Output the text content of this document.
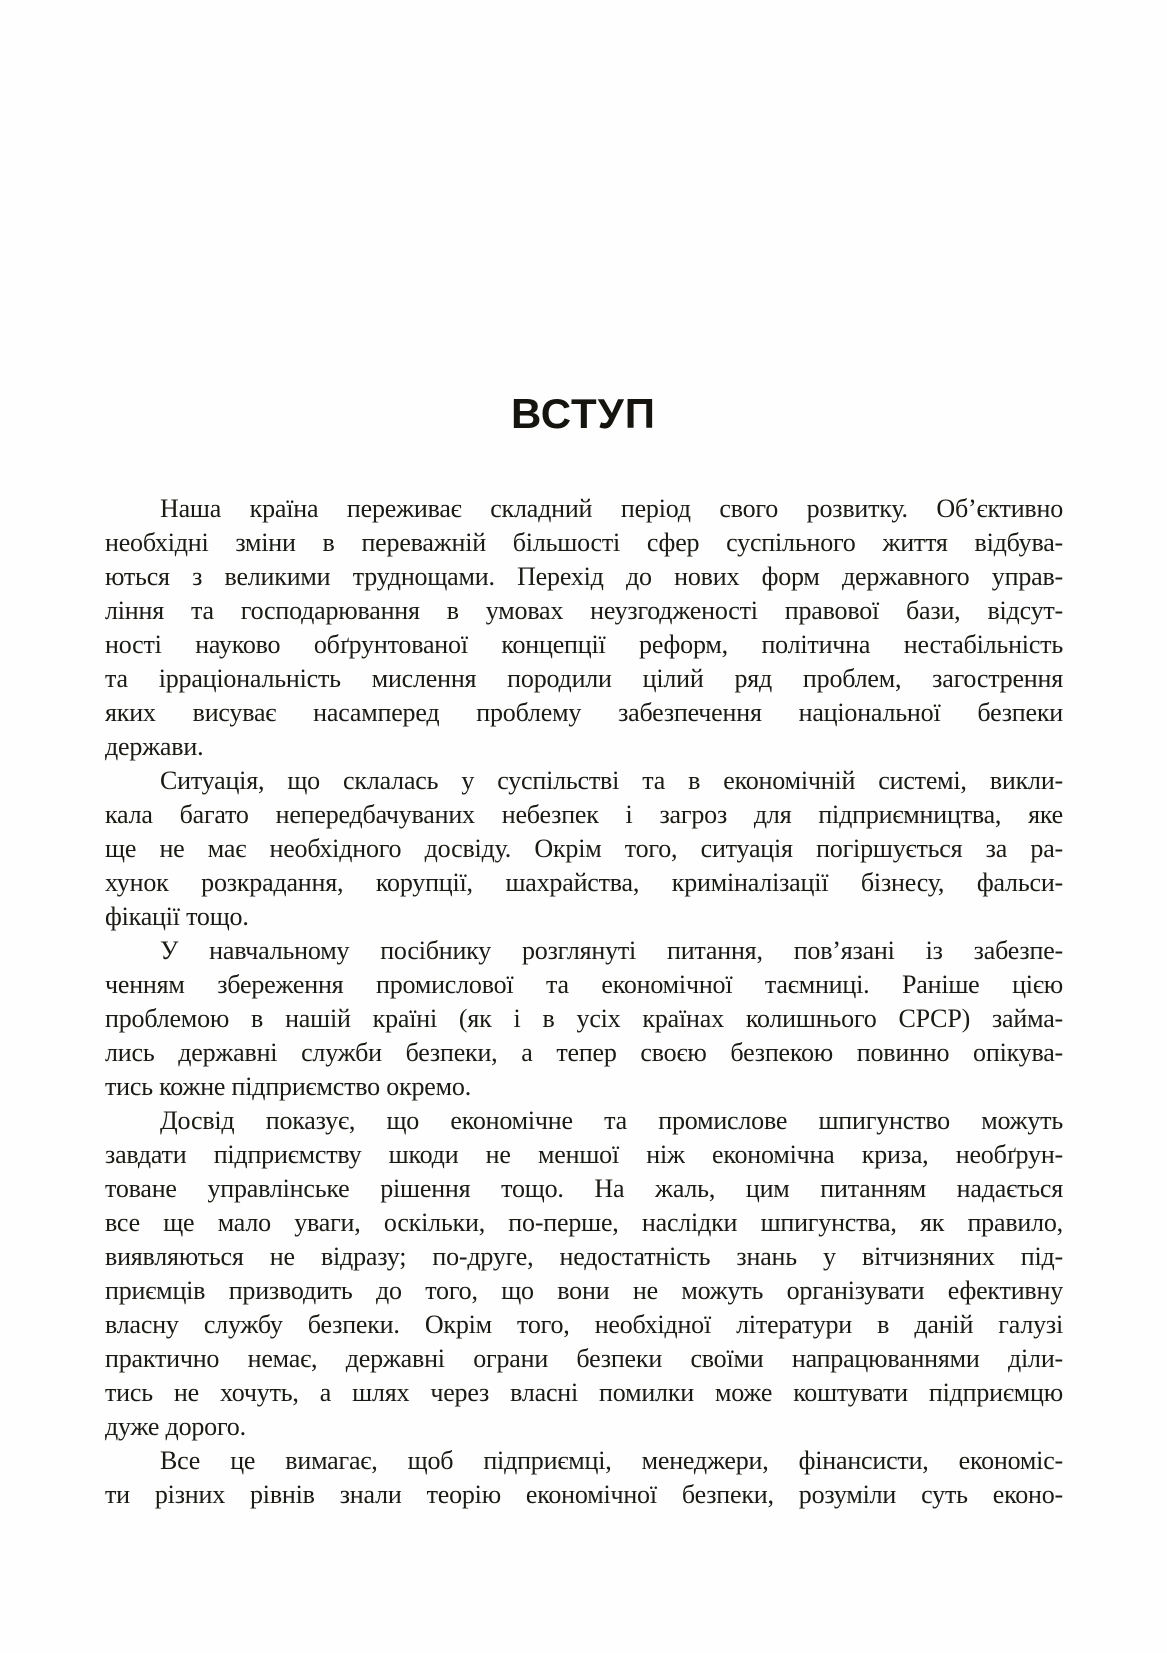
ВСТУП
Наша країна переживає складний період свого розвитку. Об’єктивно
необхідні зміни в переважній більшості сфер суспільного життя відбува-
ються з великими труднощами. Перехід до нових форм державного управ-
ління та господарювання в умовах неузгодженості правової бази, відсут-
ності науково обґрунтованої концепції реформ, політична нестабільність
та ірраціональність мислення породили цілий ряд проблем, загострення
яких висуває насамперед проблему забезпечення національної безпеки
держави.
Ситуація, що склалась у суспільстві та в економічній системі, викли-
кала багато непередбачуваних небезпек і загроз для підприємництва, яке
ще не має необхідного досвіду. Окрім того, ситуація погіршується за ра-
хунок розкрадання, корупції, шахрайства, криміналізації бізнесу, фальси-
фікації тощо.
У навчальному посібнику розглянуті питання, пов’язані із забезпе-
ченням збереження промислової та економічної таємниці. Раніше цією
проблемою в нашій країні (як і в усіх країнах колишнього СРСР) займа-
лись державні служби безпеки, а тепер своєю безпекою повинно опікува-
тись кожне підприємство окремо.
Досвід показує, що економічне та промислове шпигунство можуть
завдати підприємству шкоди не меншої ніж економічна криза, необґрун-
товане управлінське рішення тощо. На жаль, цим питанням надається
все ще мало уваги, оскільки, по-перше, наслідки шпигунства, як правило,
виявляються не відразу; по-друге, недостатність знань у вітчизняних під-
приємців призводить до того, що вони не можуть організувати ефективну
власну службу безпеки. Окрім того, необхідної літератури в даній галузі
практично немає, державні ограни безпеки своїми напрацюваннями діли-
тись не хочуть, а шлях через власні помилки може коштувати підприємцю
дуже дорого.
Все це вимагає, щоб підприємці, менеджери, фінансисти, економіс-
ти різних рівнів знали теорію економічної безпеки, розуміли суть еконо-
